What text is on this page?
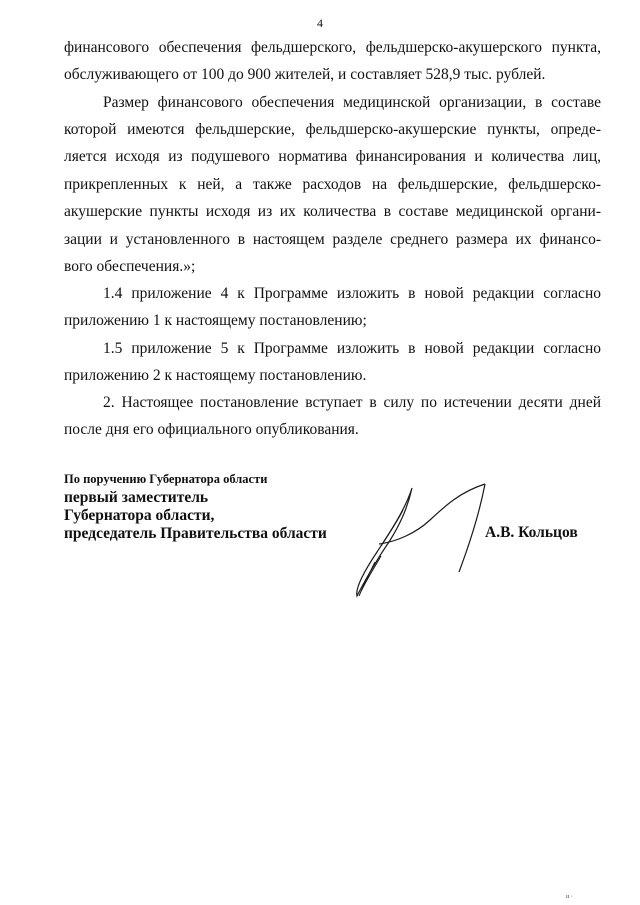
4
финансового обеспечения фельдшерского, фельдшерско-акушерского пункта,
обслуживающего от 100 до 900 жителей, и составляет 528,9 тыс. рублей.
Размер финансового обеспечения медицинской организации, в составе
которой имеются фельдшерские, фельдшерско-акушерские пункты, опреде-
ляется исходя из подушевого норматива финансирования и количества лиц,
прикрепленных к ней, а также расходов на фельдшерские, фельдшерско-
акушерские пункты исходя из их количества в составе медицинской органи-
зации и установленного в настоящем разделе среднего размера их финансо-
вого обеспечения.»;
1.4 приложение 4 к Программе изложить в новой редакции согласно
приложению 1 к настоящему постановлению;
1.5 приложение 5 к Программе изложить в новой редакции согласно
приложению 2 к настоящему постановлению.
2. Настоящее постановление вступает в силу по истечении десяти дней
после дня его официального опубликования.
По поручению Губернатора области
первый заместитель
Губернатора области,
председатель Правительства области	А.В. Кольцов
ıı ·
